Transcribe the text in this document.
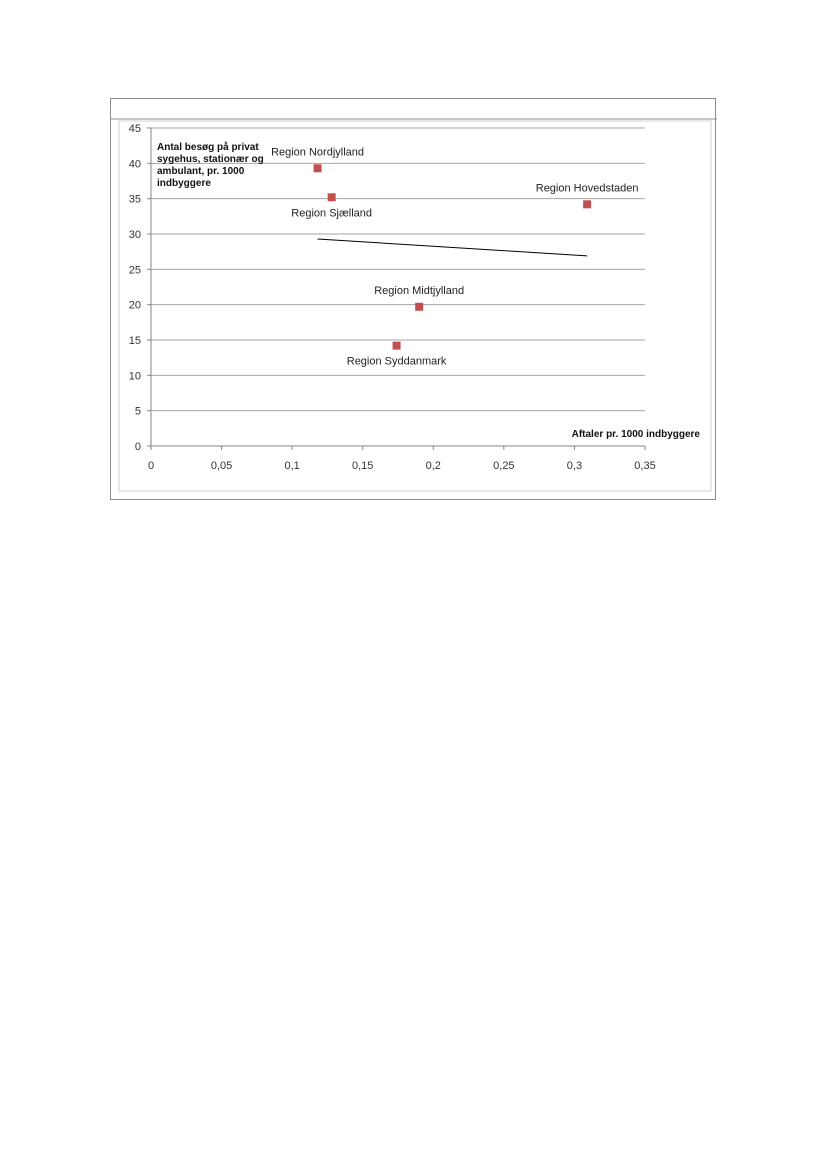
0
5
10
15
20
25
30
35
40
45
0	0,05	0,1	0,15	0,2	0,25	0,3	0,35
Region Nordjylland
Region Sjælland
Region Hovedstaden
Region Midtjylland
Region Syddanmark
Antal besøg på privat sygehus, stationær og ambulant, pr. 1000 indbyggere
Aftaler pr. 1000 indbyggere
